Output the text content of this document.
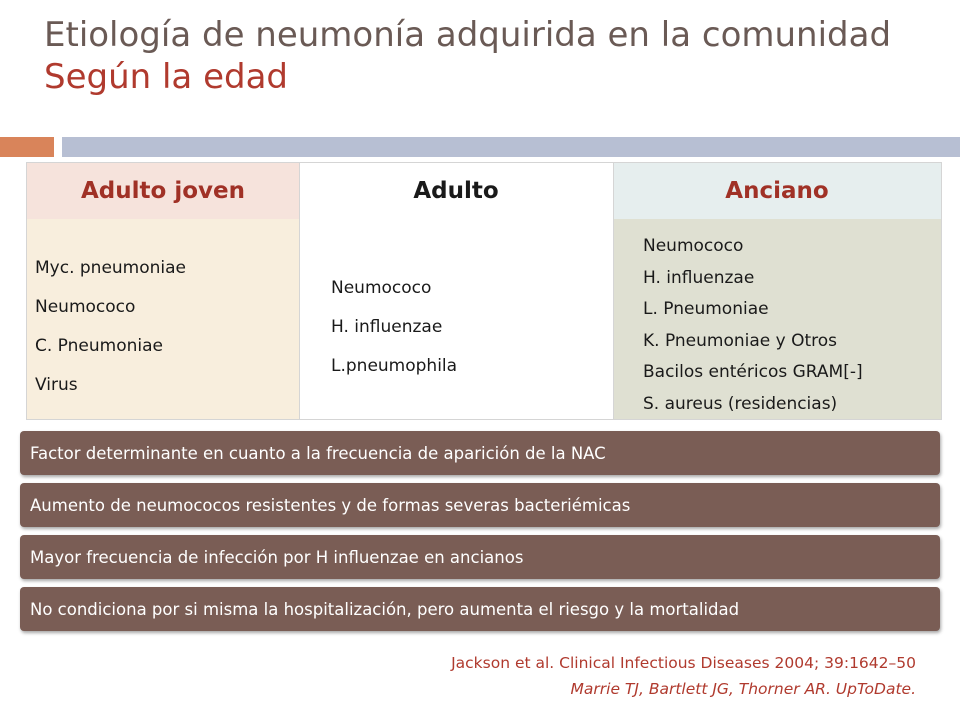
Etiología de neumonía adquirida en la comunidad
Según la edad
Adulto joven
Myc. pneumoniae
Neumococo
C. Pneumoniae
Virus
Adulto
Neumococo
H. influenzae
L.pneumophila
Anciano
Neumococo
H. influenzae
L. Pneumoniae
K. Pneumoniae y Otros
Bacilos entéricos GRAM[-]
S. aureus (residencias)
Factor determinante en cuanto a la frecuencia de aparición de la NAC
Aumento de neumococos resistentes y de formas severas bacteriémicas
Mayor frecuencia de infección por H influenzae en ancianos
No condiciona por si misma la hospitalización, pero aumenta el riesgo y la mortalidad
Jackson et al. Clinical Infectious Diseases 2004; 39:1642–50
Marrie TJ, Bartlett JG, Thorner AR. UpToDate.
